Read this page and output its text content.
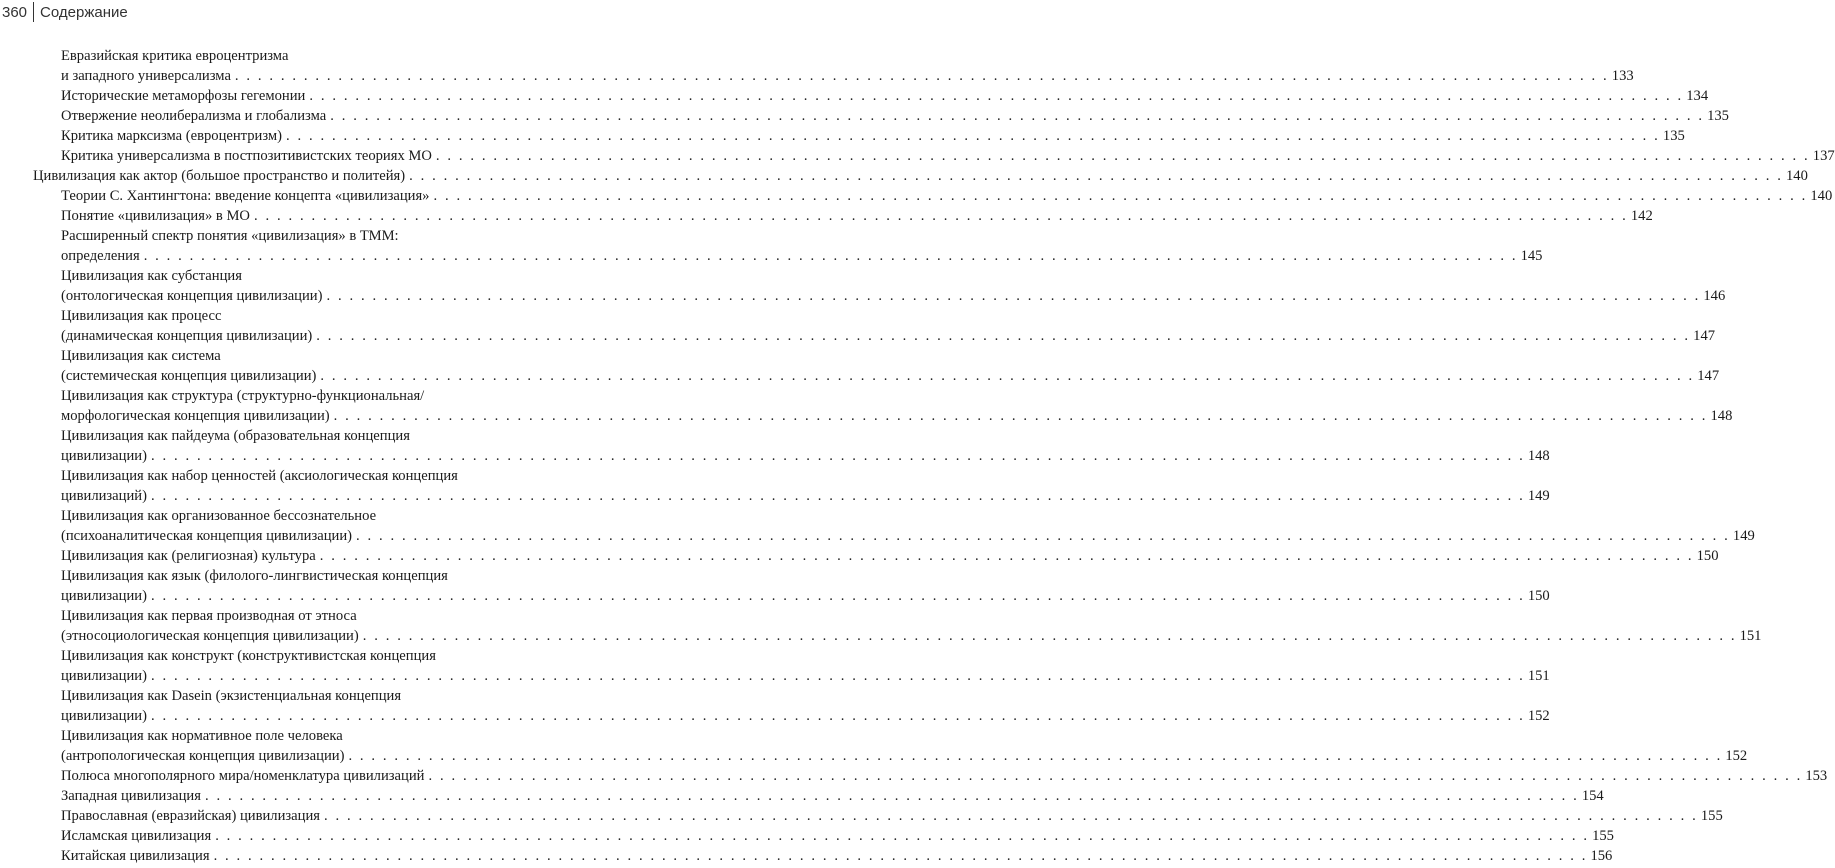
360 Содержание
Евразийская критика евроцентризма
и западного универсализма . . . . . . . . . . . . . . . . . . . . . . . . . . . . . . . . . . . . . . . . . . . . . . . . . . . . . . . . . . . . . . . . . . . . . . . . . . . . . . . . . . . . . . . . . . . . . . . . . . . . . . . . . . . . . . . . . . . . . . . . 133
Исторические метаморфозы гегемонии . . . . . . . . . . . . . . . . . . . . . . . . . . . . . . . . . . . . . . . . . . . . . . . . . . . . . . . . . . . . . . . . . . . . . . . . . . . . . . . . . . . . . . . . . . . . . . . . . . . . . . . . . . . . . . . . . . . . . . . . 134
Отвержение неолиберализма и глобализма . . . . . . . . . . . . . . . . . . . . . . . . . . . . . . . . . . . . . . . . . . . . . . . . . . . . . . . . . . . . . . . . . . . . . . . . . . . . . . . . . . . . . . . . . . . . . . . . . . . . . . . . . . . . . . . . . . . . . . . . 135
Критика марксизма (евроцентризм) . . . . . . . . . . . . . . . . . . . . . . . . . . . . . . . . . . . . . . . . . . . . . . . . . . . . . . . . . . . . . . . . . . . . . . . . . . . . . . . . . . . . . . . . . . . . . . . . . . . . . . . . . . . . . . . . . . . . . . . . 135
Критика универсализма в постпозитивистских теориях МО . . . . . . . . . . . . . . . . . . . . . . . . . . . . . . . . . . . . . . . . . . . . . . . . . . . . . . . . . . . . . . . . . . . . . . . . . . . . . . . . . . . . . . . . . . . . . . . . . . . . . . . . . . . . . . . . . . . . . . . . 137
Цивилизация как актор (большое пространство и политейя) . . . . . . . . . . . . . . . . . . . . . . . . . . . . . . . . . . . . . . . . . . . . . . . . . . . . . . . . . . . . . . . . . . . . . . . . . . . . . . . . . . . . . . . . . . . . . . . . . . . . . . . . . . . . . . . . . . . . . . . . 140
Теории С. Хантингтона: введение концепта «цивилизация» . . . . . . . . . . . . . . . . . . . . . . . . . . . . . . . . . . . . . . . . . . . . . . . . . . . . . . . . . . . . . . . . . . . . . . . . . . . . . . . . . . . . . . . . . . . . . . . . . . . . . . . . . . . . . . . . . . . . . . . . 140
Понятие «цивилизация» в МО . . . . . . . . . . . . . . . . . . . . . . . . . . . . . . . . . . . . . . . . . . . . . . . . . . . . . . . . . . . . . . . . . . . . . . . . . . . . . . . . . . . . . . . . . . . . . . . . . . . . . . . . . . . . . . . . . . . . . . . . 142
Расширенный спектр понятия «цивилизация» в ТММ:
определения . . . . . . . . . . . . . . . . . . . . . . . . . . . . . . . . . . . . . . . . . . . . . . . . . . . . . . . . . . . . . . . . . . . . . . . . . . . . . . . . . . . . . . . . . . . . . . . . . . . . . . . . . . . . . . . . . . . . . . . . 145
Цивилизация как субстанция
(онтологическая концепция цивилизации) . . . . . . . . . . . . . . . . . . . . . . . . . . . . . . . . . . . . . . . . . . . . . . . . . . . . . . . . . . . . . . . . . . . . . . . . . . . . . . . . . . . . . . . . . . . . . . . . . . . . . . . . . . . . . . . . . . . . . . . . 146
Цивилизация как процесс
(динамическая концепция цивилизации) . . . . . . . . . . . . . . . . . . . . . . . . . . . . . . . . . . . . . . . . . . . . . . . . . . . . . . . . . . . . . . . . . . . . . . . . . . . . . . . . . . . . . . . . . . . . . . . . . . . . . . . . . . . . . . . . . . . . . . . . 147
Цивилизация как система
(системическая концепция цивилизации) . . . . . . . . . . . . . . . . . . . . . . . . . . . . . . . . . . . . . . . . . . . . . . . . . . . . . . . . . . . . . . . . . . . . . . . . . . . . . . . . . . . . . . . . . . . . . . . . . . . . . . . . . . . . . . . . . . . . . . . . 147
Цивилизация как структура (структурно-функциональная/
морфологическая концепция цивилизации) . . . . . . . . . . . . . . . . . . . . . . . . . . . . . . . . . . . . . . . . . . . . . . . . . . . . . . . . . . . . . . . . . . . . . . . . . . . . . . . . . . . . . . . . . . . . . . . . . . . . . . . . . . . . . . . . . . . . . . . . 148
Цивилизация как пайдеума (образовательная концепция
цивилизации) . . . . . . . . . . . . . . . . . . . . . . . . . . . . . . . . . . . . . . . . . . . . . . . . . . . . . . . . . . . . . . . . . . . . . . . . . . . . . . . . . . . . . . . . . . . . . . . . . . . . . . . . . . . . . . . . . . . . . . . . 148
Цивилизация как набор ценностей (аксиологическая концепция
цивилизаций) . . . . . . . . . . . . . . . . . . . . . . . . . . . . . . . . . . . . . . . . . . . . . . . . . . . . . . . . . . . . . . . . . . . . . . . . . . . . . . . . . . . . . . . . . . . . . . . . . . . . . . . . . . . . . . . . . . . . . . . . 149
Цивилизация как организованное бессознательное
(психоаналитическая концепция цивилизации) . . . . . . . . . . . . . . . . . . . . . . . . . . . . . . . . . . . . . . . . . . . . . . . . . . . . . . . . . . . . . . . . . . . . . . . . . . . . . . . . . . . . . . . . . . . . . . . . . . . . . . . . . . . . . . . . . . . . . . . . 149
Цивилизация как (религиозная) культура . . . . . . . . . . . . . . . . . . . . . . . . . . . . . . . . . . . . . . . . . . . . . . . . . . . . . . . . . . . . . . . . . . . . . . . . . . . . . . . . . . . . . . . . . . . . . . . . . . . . . . . . . . . . . . . . . . . . . . . . 150
Цивилизация как язык (филолого-лингвистическая концепция
цивилизации) . . . . . . . . . . . . . . . . . . . . . . . . . . . . . . . . . . . . . . . . . . . . . . . . . . . . . . . . . . . . . . . . . . . . . . . . . . . . . . . . . . . . . . . . . . . . . . . . . . . . . . . . . . . . . . . . . . . . . . . . 150
Цивилизация как первая производная от этноса
(этносоциологическая концепция цивилизации) . . . . . . . . . . . . . . . . . . . . . . . . . . . . . . . . . . . . . . . . . . . . . . . . . . . . . . . . . . . . . . . . . . . . . . . . . . . . . . . . . . . . . . . . . . . . . . . . . . . . . . . . . . . . . . . . . . . . . . . . 151
Цивилизация как конструкт (конструктивистская концепция
цивилизации) . . . . . . . . . . . . . . . . . . . . . . . . . . . . . . . . . . . . . . . . . . . . . . . . . . . . . . . . . . . . . . . . . . . . . . . . . . . . . . . . . . . . . . . . . . . . . . . . . . . . . . . . . . . . . . . . . . . . . . . . 151
Цивилизация как Dasein (экзистенциальная концепция
цивилизации) . . . . . . . . . . . . . . . . . . . . . . . . . . . . . . . . . . . . . . . . . . . . . . . . . . . . . . . . . . . . . . . . . . . . . . . . . . . . . . . . . . . . . . . . . . . . . . . . . . . . . . . . . . . . . . . . . . . . . . . . 152
Цивилизация как нормативное поле человека
(антропологическая концепция цивилизации) . . . . . . . . . . . . . . . . . . . . . . . . . . . . . . . . . . . . . . . . . . . . . . . . . . . . . . . . . . . . . . . . . . . . . . . . . . . . . . . . . . . . . . . . . . . . . . . . . . . . . . . . . . . . . . . . . . . . . . . . 152
Полюса многополярного мира/номенклатура цивилизаций . . . . . . . . . . . . . . . . . . . . . . . . . . . . . . . . . . . . . . . . . . . . . . . . . . . . . . . . . . . . . . . . . . . . . . . . . . . . . . . . . . . . . . . . . . . . . . . . . . . . . . . . . . . . . . . . . . . . . . . . 153
Западная цивилизация . . . . . . . . . . . . . . . . . . . . . . . . . . . . . . . . . . . . . . . . . . . . . . . . . . . . . . . . . . . . . . . . . . . . . . . . . . . . . . . . . . . . . . . . . . . . . . . . . . . . . . . . . . . . . . . . . . . . . . . . 154
Православная (евразийская) цивилизация . . . . . . . . . . . . . . . . . . . . . . . . . . . . . . . . . . . . . . . . . . . . . . . . . . . . . . . . . . . . . . . . . . . . . . . . . . . . . . . . . . . . . . . . . . . . . . . . . . . . . . . . . . . . . . . . . . . . . . . . 155
Исламская цивилизация . . . . . . . . . . . . . . . . . . . . . . . . . . . . . . . . . . . . . . . . . . . . . . . . . . . . . . . . . . . . . . . . . . . . . . . . . . . . . . . . . . . . . . . . . . . . . . . . . . . . . . . . . . . . . . . . . . . . . . . . 155
Китайская цивилизация . . . . . . . . . . . . . . . . . . . . . . . . . . . . . . . . . . . . . . . . . . . . . . . . . . . . . . . . . . . . . . . . . . . . . . . . . . . . . . . . . . . . . . . . . . . . . . . . . . . . . . . . . . . . . . . . . . . . . . . . 156
